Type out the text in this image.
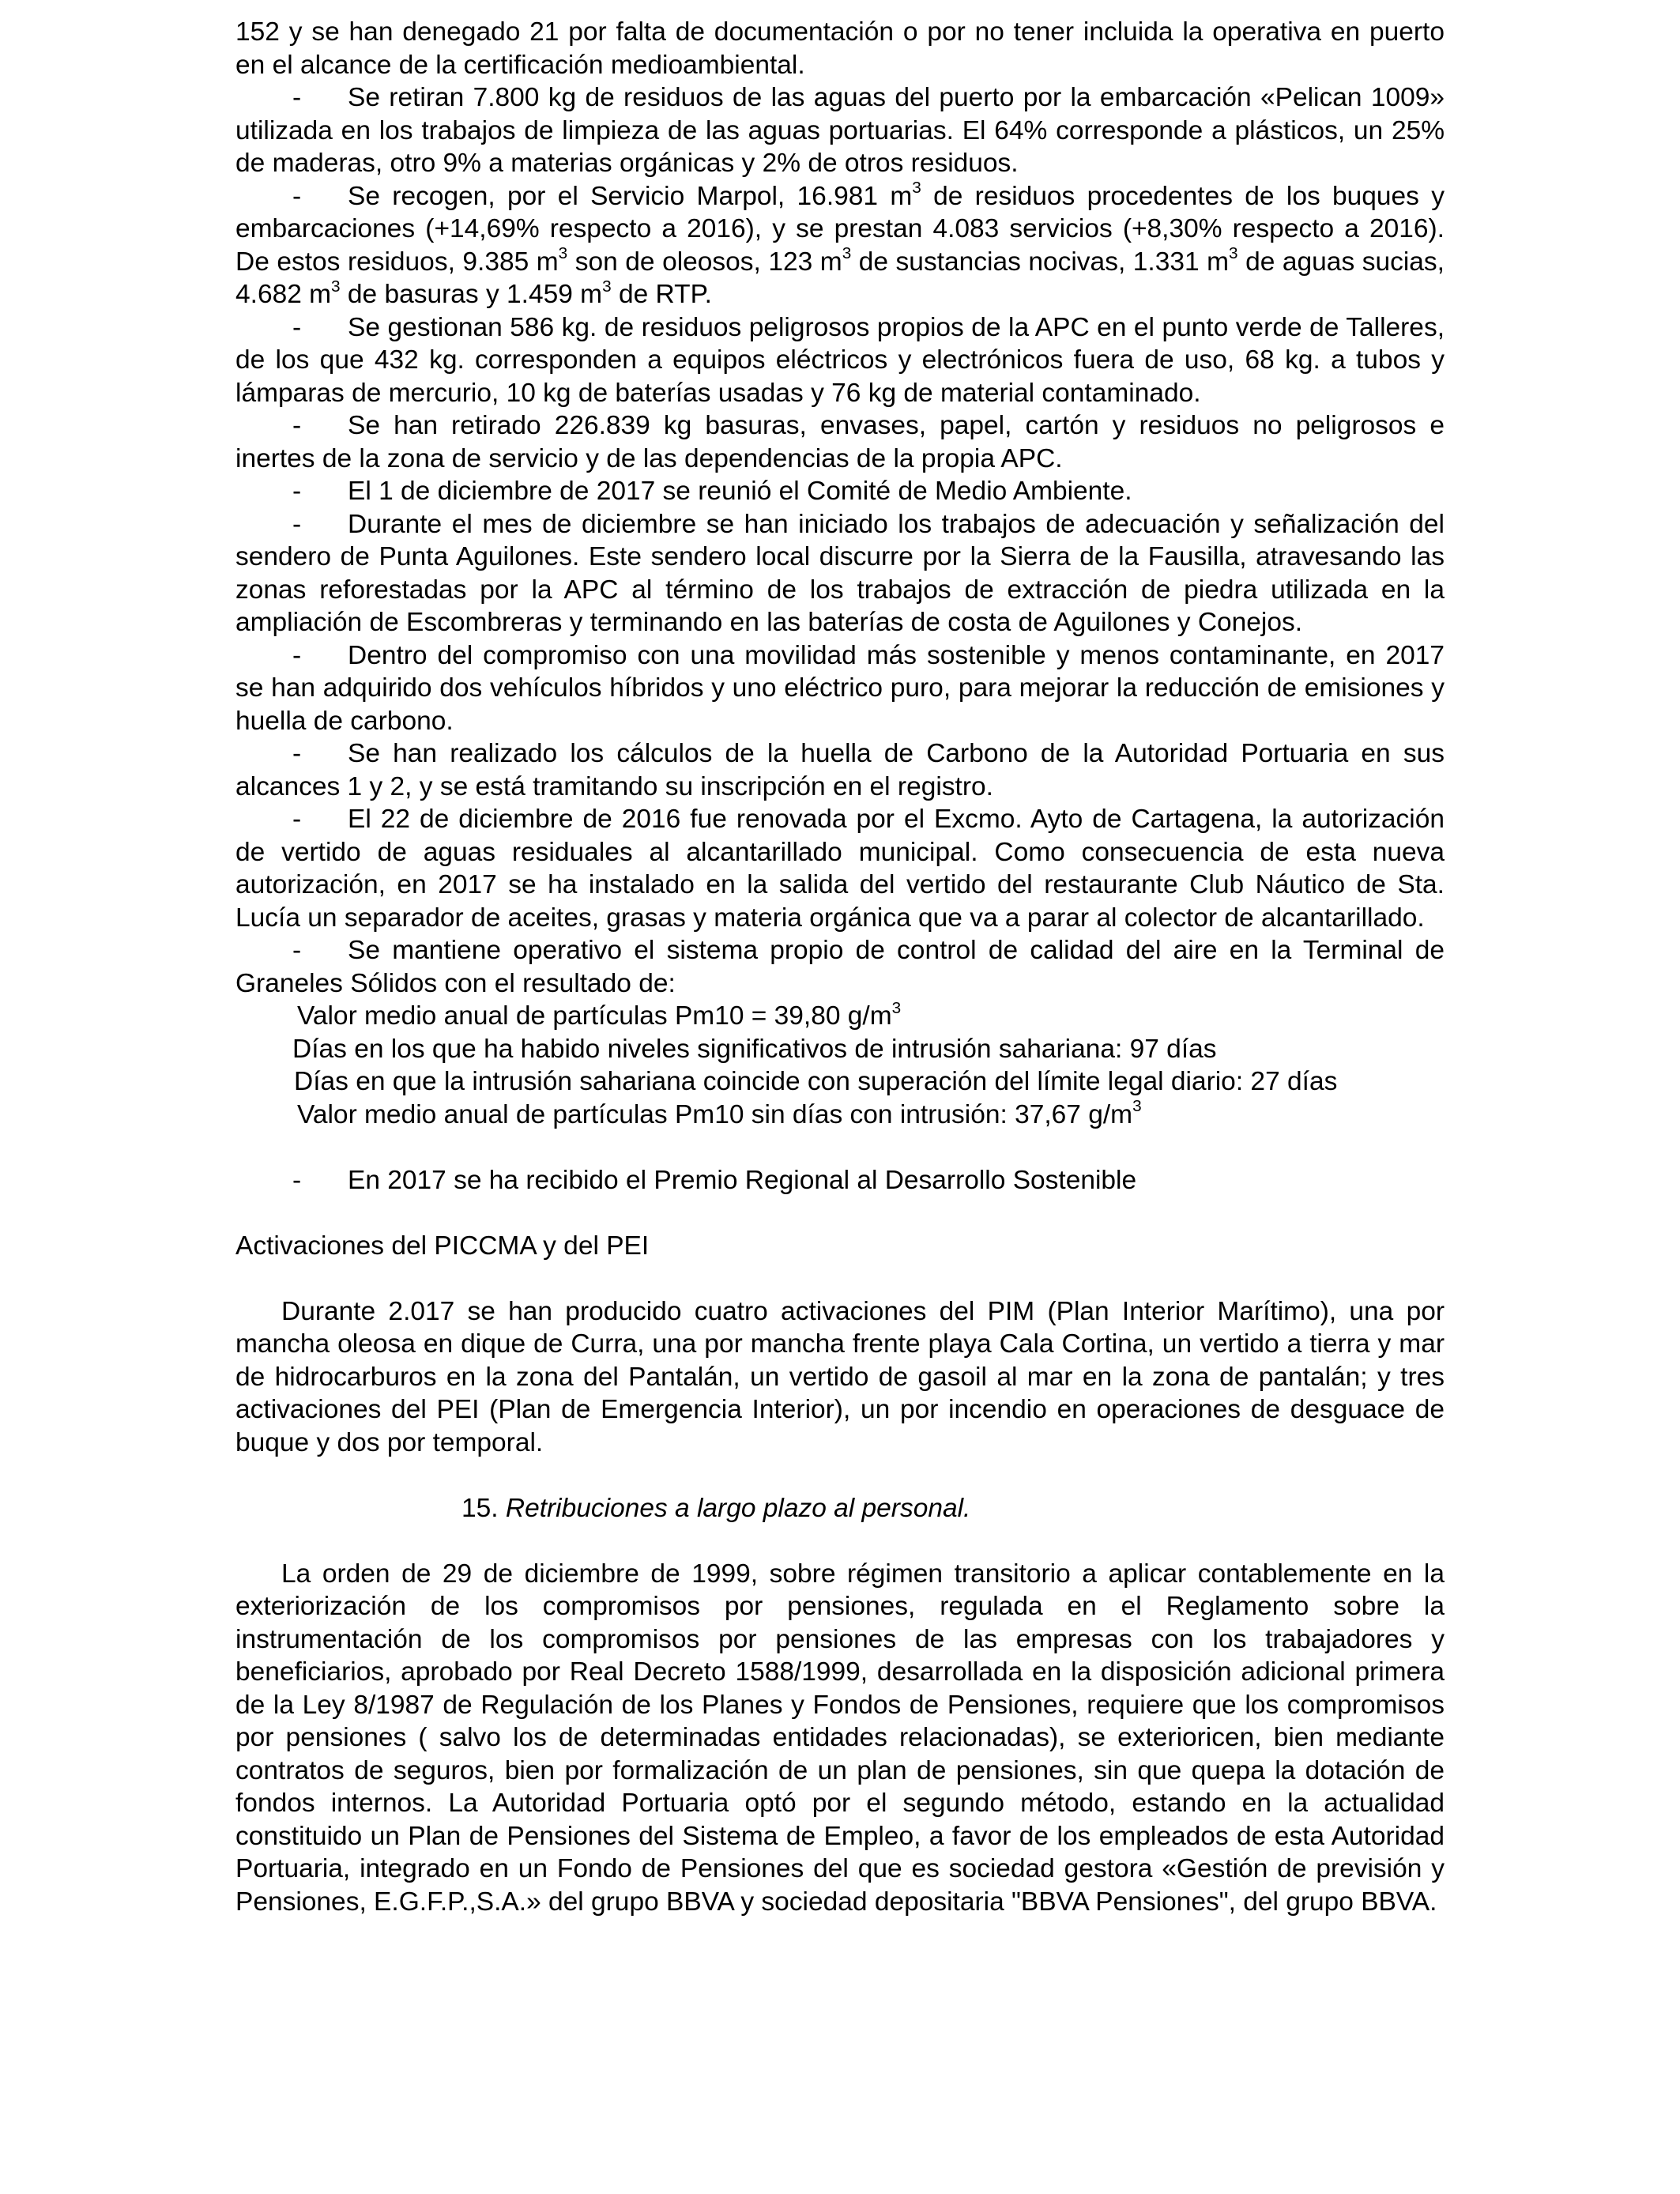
152 y se han denegado 21 por falta de documentación o por no tener incluida la operativa en puerto en el alcance de la certificación medioambiental.

- Se retiran 7.800 kg de residuos de las aguas del puerto por la embarcación «Pelican 1009» utilizada en los trabajos de limpieza de las aguas portuarias. El 64% corresponde a plásticos, un 25% de maderas, otro 9% a materias orgánicas y 2% de otros residuos.

- Se recogen, por el Servicio Marpol, 16.981 $m^3$ de residuos procedentes de los buques y embarcaciones (+14,69% respecto a 2016), y se prestan 4.083 servicios (+8,30% respecto a 2016). De estos residuos, 9.385 $m^3$ son de oleosos, 123 $m^3$ de sustancias nocivas, 1.331 $m^3$ de aguas sucias, 4.682 $m^3$ de basuras y 1.459 $m^3$ de RTP.

- Se gestionan 586 kg. de residuos peligrosos propios de la APC en el punto verde de Talleres, de los que 432 kg. corresponden a equipos eléctricos y electrónicos fuera de uso, 68 kg. a tubos y lámparas de mercurio, 10 kg de baterías usadas y 76 kg de material contaminado.

- Se han retirado 226.839 kg basuras, envases, papel, cartón y residuos no peligrosos e inertes de la zona de servicio y de las dependencias de la propia APC.

- El 1 de diciembre de 2017 se reunió el Comité de Medio Ambiente.

- Durante el mes de diciembre se han iniciado los trabajos de adecuación y señalización del sendero de Punta Aguilones. Este sendero local discurre por la Sierra de la Fausilla, atravesando las zonas reforestadas por la APC al término de los trabajos de extracción de piedra utilizada en la ampliación de Escombreras y terminando en las baterías de costa de Aguilones y Conejos.

- Dentro del compromiso con una movilidad más sostenible y menos contaminante, en 2017 se han adquirido dos vehículos híbridos y uno eléctrico puro, para mejorar la reducción de emisiones y huella de carbono.

- Se han realizado los cálculos de la huella de Carbono de la Autoridad Portuaria en sus alcances 1 y 2, y se está tramitando su inscripción en el registro.

- El 22 de diciembre de 2016 fue renovada por el Excmo. Ayto de Cartagena, la autorización de vertido de aguas residuales al alcantarillado municipal. Como consecuencia de esta nueva autorización, en 2017 se ha instalado en la salida del vertido del restaurante Club Náutico de Sta. Lucía un separador de aceites, grasas y materia orgánica que va a parar al colector de alcantarillado.

- Se mantiene operativo el sistema propio de control de calidad del aire en la Terminal de Graneles Sólidos con el resultado de:

Valor medio anual de partículas Pm10 = 39,80 $g/m^3$
Días en los que ha habido niveles significativos de intrusión sahariana: 97 días
Días en que la intrusión sahariana coincide con superación del límite legal diario: 27 días
Valor medio anual de partículas Pm10 sin días con intrusión: 37,67 $g/m^3$

- En 2017 se ha recibido el Premio Regional al Desarrollo Sostenible

Activaciones del PICCMA y del PEI

Durante 2.017 se han producido cuatro activaciones del PIM (Plan Interior Marítimo), una por mancha oleosa en dique de Curra, una por mancha frente playa Cala Cortina, un vertido a tierra y mar de hidrocarburos en la zona del Pantalán, un vertido de gasoil al mar en la zona de pantalán; y tres activaciones del PEI (Plan de Emergencia Interior), un por incendio en operaciones de desguace de buque y dos por temporal.

15. Retribuciones a largo plazo al personal.

La orden de 29 de diciembre de 1999, sobre régimen transitorio a aplicar contablemente en la exteriorización de los compromisos por pensiones, regulada en el Reglamento sobre la instrumentación de los compromisos por pensiones de las empresas con los trabajadores y beneficiarios, aprobado por Real Decreto 1588/1999, desarrollada en la disposición adicional primera de la Ley 8/1987 de Regulación de los Planes y Fondos de Pensiones, requiere que los compromisos por pensiones ( salvo los de determinadas entidades relacionadas), se exterioricen, bien mediante contratos de seguros, bien por formalización de un plan de pensiones, sin que quepa la dotación de fondos internos. La Autoridad Portuaria optó por el segundo método, estando en la actualidad constituido un Plan de Pensiones del Sistema de Empleo, a favor de los empleados de esta Autoridad Portuaria, integrado en un Fondo de Pensiones del que es sociedad gestora «Gestión de previsión y Pensiones, E.G.F.P.,S.A.» del grupo BBVA y sociedad depositaria "BBVA Pensiones", del grupo BBVA.
